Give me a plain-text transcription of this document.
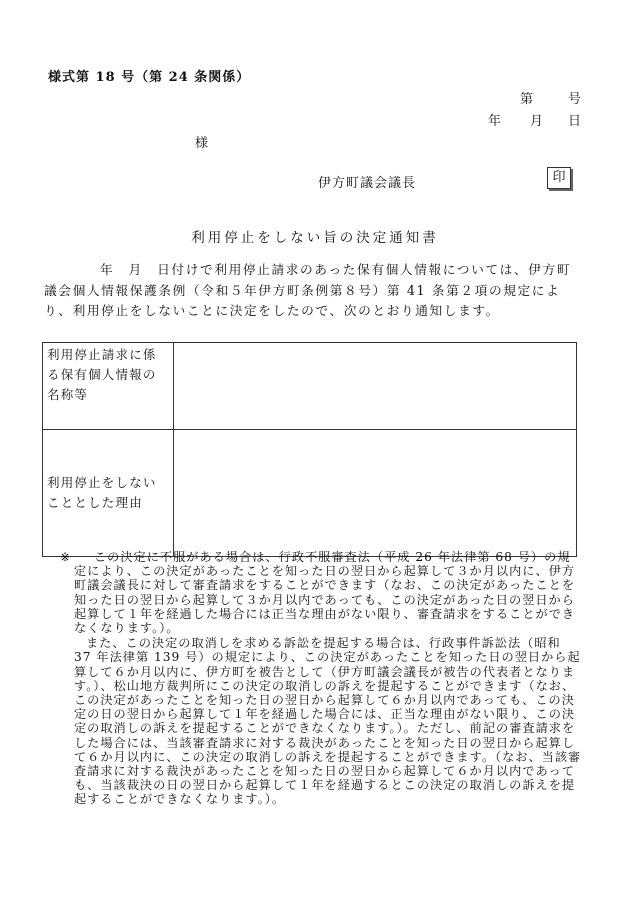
様式第 18 号（第 24 条関係）
第	号
年 月 日
様
伊方町議会議長	印
利用停止をしない旨の決定通知書

年　月　日付けで利用停止請求のあった保有個人情報については、伊方町議会個人情報保護条例（令和５年伊方町条例第８号）第 41 条第２項の規定により、利用停止をしないことに決定をしたので、次のとおり通知します。

利用停止請求に係る保有個人情報の名称等	
利用停止をしないこととした理由	
※	この決定に不服がある場合は、行政不服審査法（平成 26 年法律第 68 号）の規定により、この決定があったことを知った日の翌日から起算して３か月以内に、伊方町議会議長に対して審査請求をすることができます（なお、この決定があったことを知った日の翌日から起算して３か月以内であっても、この決定があった日の翌日から起算して１年を経過した場合には正当な理由がない限り、審査請求をすることができなくなります。）。

また、この決定の取消しを求める訴訟を提起する場合は、行政事件訴訟法（昭和 37 年法律第 139 号）の規定により、この決定があったことを知った日の翌日から起算して６か月以内に、伊方町を被告として（伊方町議会議長が被告の代表者となります。）、松山地方裁判所にこの決定の取消しの訴えを提起することができます（なお、この決定があったことを知った日の翌日から起算して６か月以内であっても、この決定の日の翌日から起算して１年を経過した場合には、正当な理由がない限り、この決定の取消しの訴えを提起することができなくなります。）。ただし、前記の審査請求をした場合には、当該審査請求に対する裁決があったことを知った日の翌日から起算して６か月以内に、この決定の取消しの訴えを提起することができます。（なお、当該審査請求に対する裁決があったことを知った日の翌日から起算して６か月以内であっても、当該裁決の日の翌日から起算して１年を経過するとこの決定の取消しの訴えを提起することができなくなります。）。
